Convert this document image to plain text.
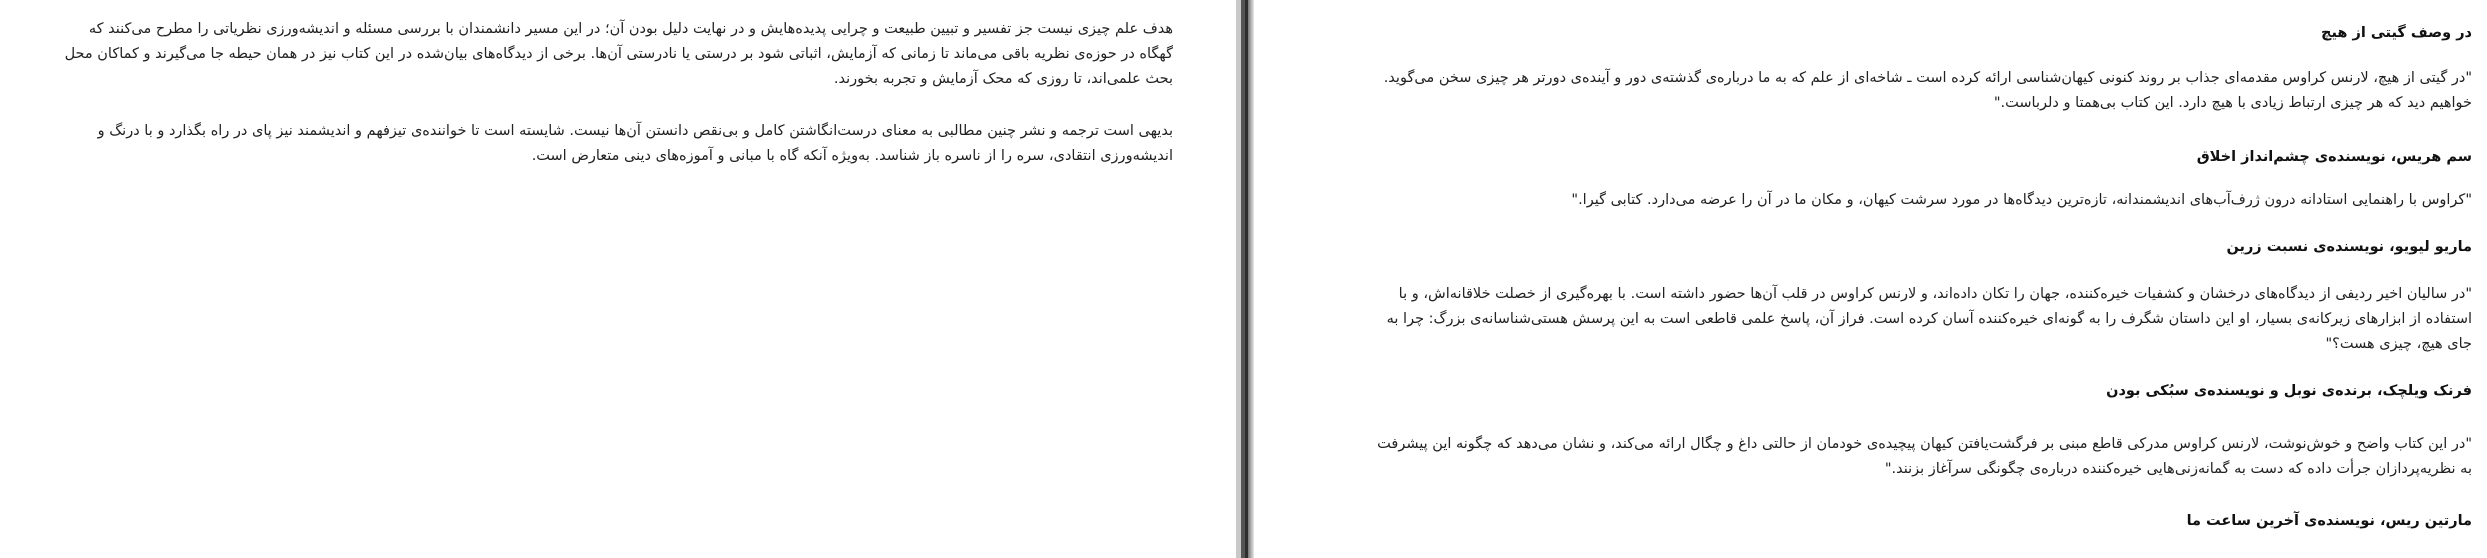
هدف علم چیزی نیست جز تفسیر و تبیین طبیعت و چرایی پدیده‌هایش و در نهایت دلیل بودن آن؛ در این مسیر دانشمندان با بررسی مسئله و اندیشه‌ورزی نظریاتی را مطرح می‌کنند که گهگاه در حوزه‌ی نظریه باقی می‌ماند تا زمانی که آزمایش، اثباتی شود بر درستی یا نادرستی آن‌ها. برخی از دیدگاه‌های بیان‌شده در این کتاب نیز در همان حیطه جا می‌گیرند و کماکان محل بحث علمی‌اند، تا روزی که محک آزمایش و تجربه بخورند.

بدیهی است ترجمه و نشر چنین مطالبی به معنای درست‌انگاشتن کامل و بی‌نقص دانستن آن‌ها نیست. شایسته است تا خواننده‌ی تیزفهم و اندیشمند نیز پای در راه بگذارد و با درنگ و اندیشه‌ورزی انتقادی، سره را از ناسره باز شناسد. به‌ویژه آنکه گاه با مبانی و آموزه‌های دینی متعارض است.

در وصف گیتی از هیچ

"در گیتی از هیچ، لارنس کراوس مقدمه‌ای جذاب بر روند کنونی کیهان‌شناسی ارائه کرده است ـ شاخه‌ای از علم که به ما درباره‌ی گذشته‌ی دور و آینده‌ی دورتر هر چیزی سخن می‌گوید. خواهیم دید که هر چیزی ارتباط زیادی با هیچ دارد. این کتاب بی‌همتا و دلرباست."

سم هریس، نویسنده‌ی چشم‌انداز اخلاق

"کراوس با راهنمایی استادانه درون ژرف‌آب‌های اندیشمندانه، تازه‌ترین دیدگاه‌ها در مورد سرشت کیهان، و مکان ما در آن را عرضه می‌دارد. کتابی گیرا."

ماریو لیویو، نویسنده‌ی نسبت زرین

"در سالیان اخیر ردیفی از دیدگاه‌های درخشان و کشفیات خیره‌کننده، جهان را تکان داده‌اند، و لارنس کراوس در قلب آن‌ها حضور داشته است. با بهره‌گیری از خصلت خلاقانه‌اش، و با استفاده از ابزارهای زیرکانه‌ی بسیار، او این داستان شگرف را به گونه‌ای خیره‌کننده آسان کرده است. فراز آن، پاسخ علمی قاطعی است به این پرسش هستی‌شناسانه‌ی بزرگ: چرا به جای هیچ، چیزی هست؟"

فرنک ویلچک، برنده‌ی نوبل و نویسنده‌ی سبُکی بودن

"در این کتاب واضح و خوش‌نوشت، لارنس کراوس مدرکی قاطع مبنی بر فرگشت‌یافتن کیهان پیچیده‌ی خودمان از حالتی داغ و چگال ارائه می‌کند، و نشان می‌دهد که چگونه این پیشرفت به نظریه‌پردازان جرأت داده که دست به گمانه‌زنی‌هایی خیره‌کننده درباره‌ی چگونگی سرآغاز بزنند."

مارتین ریس، نویسنده‌ی آخرین ساعت ما
